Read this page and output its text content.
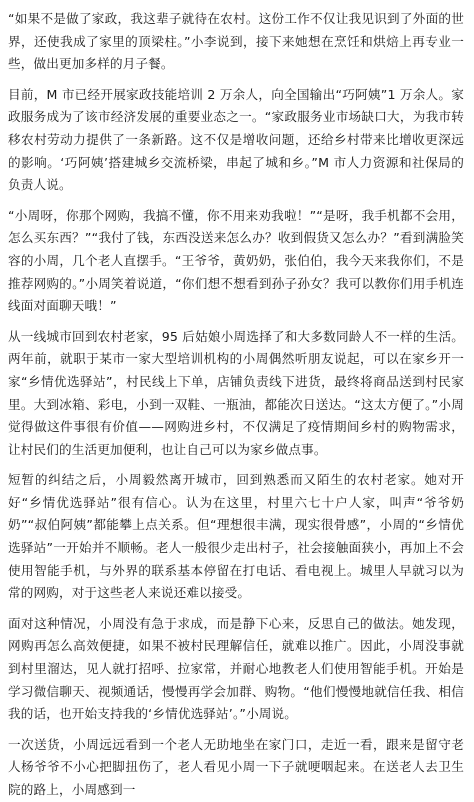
“如果不是做了家政，我这辈子就待在农村。这份工作不仅让我见识到了外面的世界，还使我成了家里的顶梁柱。”小李说到，接下来她想在烹饪和烘焙上再专业一些，做出更加多样的月子餐。

目前，M 市已经开展家政技能培训 2 万余人，向全国输出“巧阿姨”1 万余人。家政服务成为了该市经济发展的重要业态之一。“家政服务业市场缺口大，为我市转移农村劳动力提供了一条新路。这不仅是增收问题，还给乡村带来比增收更深远的影响。‘巧阿姨’搭建城乡交流桥梁，串起了城和乡。”M 市人力资源和社保局的负责人说。

“小周呀，你那个网购，我搞不懂，你不用来劝我啦！”“是呀，我手机都不会用，怎么买东西？”“我付了钱，东西没送来怎么办？收到假货又怎么办？”看到满脸笑容的小周，几个老人直摆手。“王爷爷，黄奶奶，张伯伯，我今天来我你们，不是推荐网购的。”小周笑着说道，“你们想不想看到孙子孙女？我可以教你们用手机连线面对面聊天哦！”

从一线城市回到农村老家，95 后姑娘小周选择了和大多数同龄人不一样的生活。两年前，就职于某市一家大型培训机构的小周偶然听朋友说起，可以在家乡开一家“乡情优选驿站”，村民线上下单，店铺负责线下进货，最终将商品送到村民家里。大到冰箱、彩电，小到一双鞋、一瓶油，都能次日送达。“这太方便了。”小周觉得做这件事很有价值——网购进乡村，不仅满足了疫情期间乡村的购物需求，让村民们的生活更加便利，也让自己可以为家乡做点事。

短暂的纠结之后，小周毅然离开城市，回到熟悉而又陌生的农村老家。她对开好“乡情优选驿站”很有信心。认为在这里，村里六七十户人家，叫声“爷爷奶奶”“叔伯阿姨”都能攀上点关系。但“理想很丰满，现实很骨感”，小周的“乡情优选驿站”一开始并不顺畅。老人一般很少走出村子，社会接触面狭小，再加上不会使用智能手机，与外界的联系基本停留在打电话、看电视上。城里人早就习以为常的网购，对于这些老人来说还难以接受。

面对这种情况，小周没有急于求成，而是静下心来，反思自己的做法。她发现，网购再怎么高效便捷，如果不被村民理解信任，就难以推广。因此，小周没事就到村里溜达，见人就打招呼、拉家常，并耐心地教老人们使用智能手机。开始是学习微信聊天、视频通话，慢慢再学会加群、购物。“他们慢慢地就信任我、相信我的话，也开始支持我的‘乡情优选驿站’。”小周说。

一次送货，小周远远看到一个老人无助地坐在家门口，走近一看，跟来是留守老人杨爷爷不小心把脚扭伤了，老人看见小周一下子就哽咽起来。在送老人去卫生院的路上，小周感到一
